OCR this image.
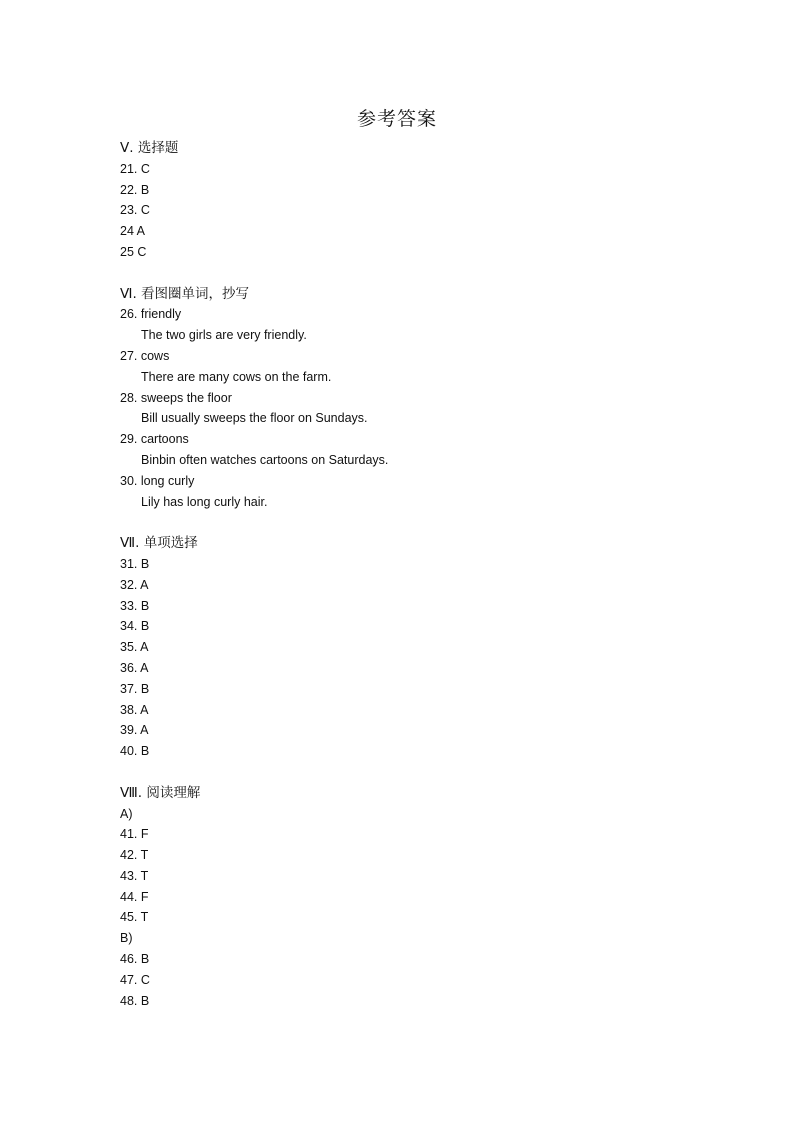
参考答案
Ⅴ. 选择题
21. C
22. B
23. C
24 A
25 C
Ⅵ. 看图圈单词，抄写
26. friendly
The two girls are very friendly.
27. cows
There are many cows on the farm.
28. sweeps the floor
Bill usually sweeps the floor on Sundays.
29. cartoons
Binbin often watches cartoons on Saturdays.
30. long curly
Lily has long curly hair.
Ⅶ. 单项选择
31. B
32. A
33. B
34. B
35. A
36. A
37. B
38. A
39. A
40. B
Ⅷ. 阅读理解
A)
41. F
42. T
43. T
44. F
45. T
B)
46. B
47. C
48. B
